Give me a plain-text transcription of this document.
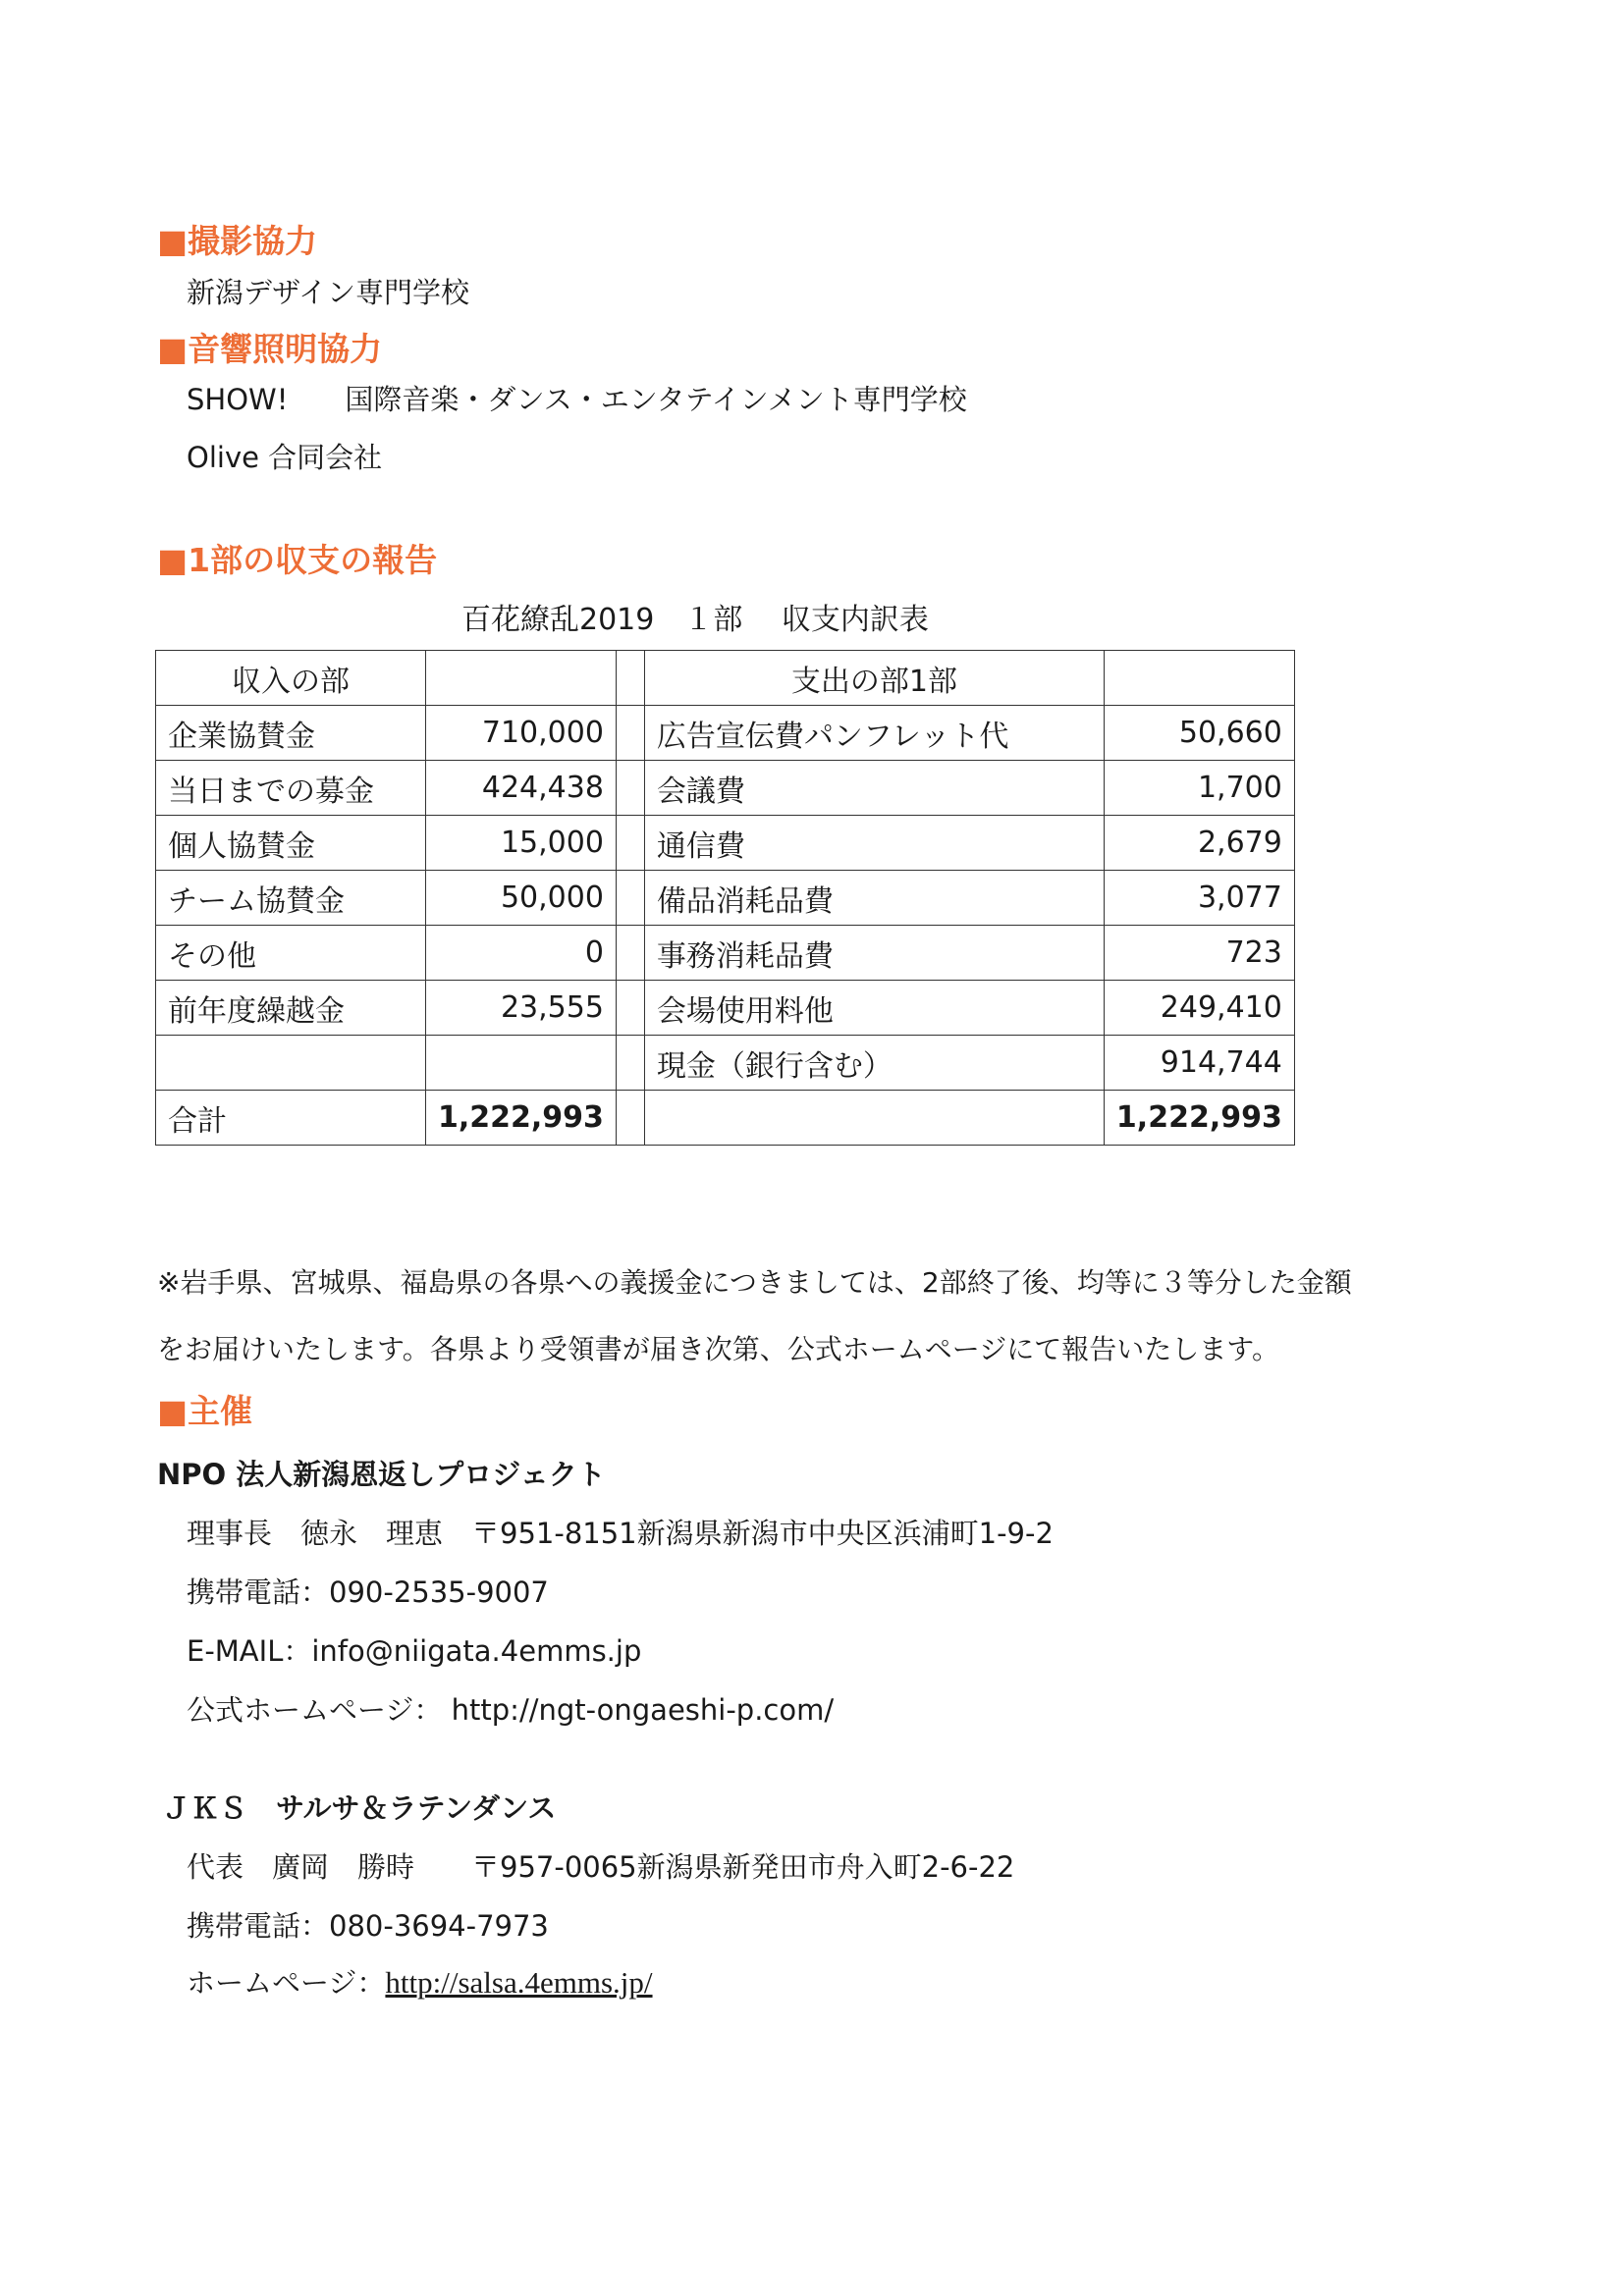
■撮影協力
新潟デザイン専門学校
■音響照明協力
SHOW!　　国際音楽・ダンス・エンタテインメント専門学校
Olive 合同会社
■1部の収支の報告
百花繚乱2019　１部　 収支内訳表
収入の部			支出の部1部	
企業協賛金	710,000		広告宣伝費パンフレット代	50,660
当日までの募金	424,438		会議費	1,700
個人協賛金	15,000		通信費	2,679
チーム協賛金	50,000		備品消耗品費	3,077
その他	0		事務消耗品費	723
前年度繰越金	23,555		会場使用料他	249,410
			現金（銀行含む）	914,744
合計	1,222,993			1,222,993
※岩手県、宮城県、福島県の各県への義援金につきましては、2部終了後、均等に３等分した金額
をお届けいたします。各県より受領書が届き次第、公式ホームページにて報告いたします。
■主催
NPO 法人新潟恩返しプロジェクト
理事長　徳永　理恵　〒951-8151新潟県新潟市中央区浜浦町1-9-2
携帯電話：090-2535-9007
E-MAIL：info@niigata.4emms.jp
公式ホームページ： http://ngt-ongaeshi-p.com/
ＪＫＳ　サルサ＆ラテンダンス
代表　廣岡　勝時　　〒957-0065新潟県新発田市舟入町2-6-22
携帯電話：080-3694-7973
ホームページ：http://salsa.4emms.jp/
